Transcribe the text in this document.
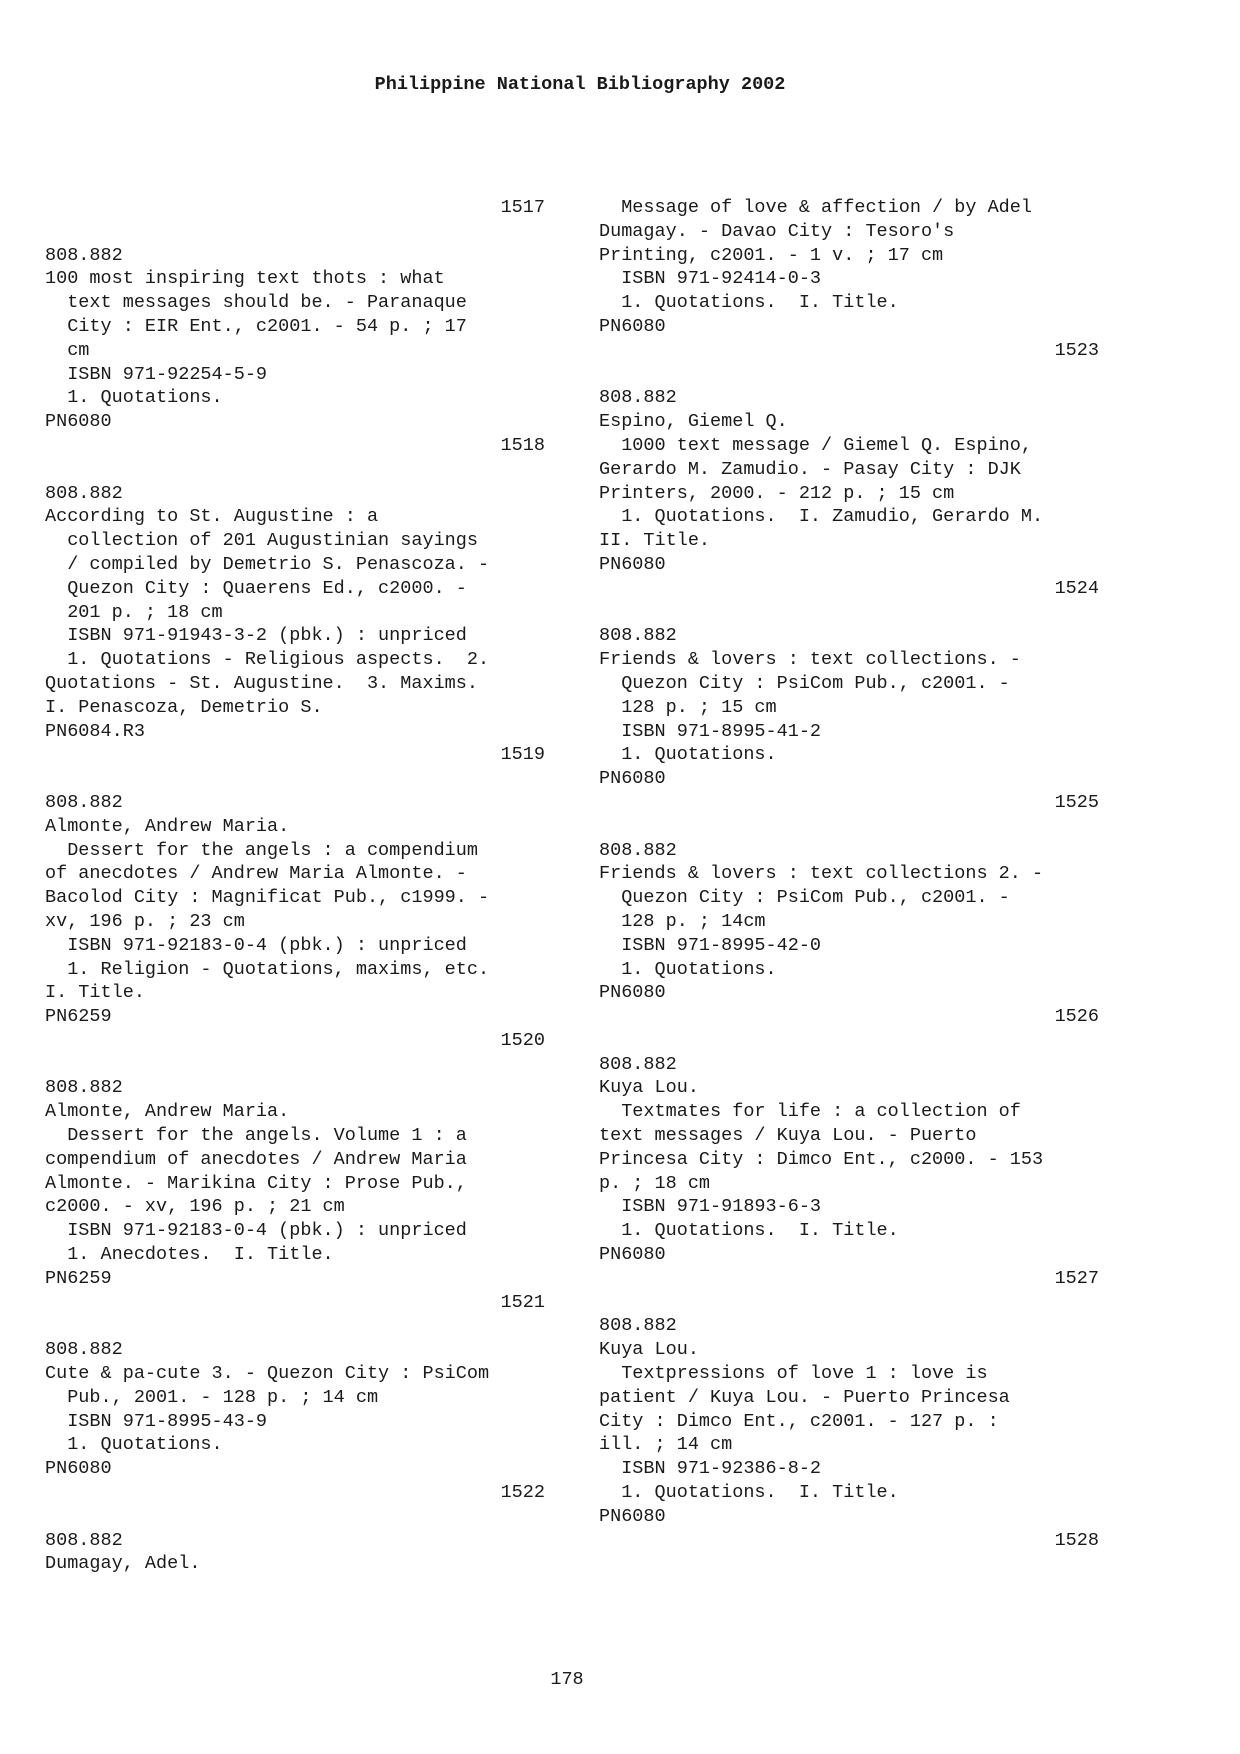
Philippine National Bibliography 2002
1517
808.882
100 most inspiring text thots : what
text messages should be. - Paranaque
City : EIR Ent., c2001. - 54 p. ; 17
cm
ISBN 971-92254-5-9
1. Quotations.
PN6080
1518
808.882
According to St. Augustine : a
collection of 201 Augustinian sayings
/ compiled by Demetrio S. Penascoza. -
Quezon City : Quaerens Ed., c2000. -
201 p. ; 18 cm
ISBN 971-91943-3-2 (pbk.) : unpriced
1. Quotations - Religious aspects.  2.
Quotations - St. Augustine.  3. Maxims.
I. Penascoza, Demetrio S.
PN6084.R3
1519
808.882
Almonte, Andrew Maria.
Dessert for the angels : a compendium
of anecdotes / Andrew Maria Almonte. -
Bacolod City : Magnificat Pub., c1999. -
xv, 196 p. ; 23 cm
ISBN 971-92183-0-4 (pbk.) : unpriced
1. Religion - Quotations, maxims, etc.
I. Title.
PN6259
1520
808.882
Almonte, Andrew Maria.
Dessert for the angels. Volume 1 : a
compendium of anecdotes / Andrew Maria
Almonte. - Marikina City : Prose Pub.,
c2000. - xv, 196 p. ; 21 cm
ISBN 971-92183-0-4 (pbk.) : unpriced
1. Anecdotes.  I. Title.
PN6259
1521
808.882
Cute & pa-cute 3. - Quezon City : PsiCom
Pub., 2001. - 128 p. ; 14 cm
ISBN 971-8995-43-9
1. Quotations.
PN6080
1522
808.882
Dumagay, Adel.
Message of love & affection / by Adel
Dumagay. - Davao City : Tesoro's
Printing, c2001. - 1 v. ; 17 cm
ISBN 971-92414-0-3
1. Quotations.  I. Title.
PN6080
1523
808.882
Espino, Giemel Q.
1000 text message / Giemel Q. Espino,
Gerardo M. Zamudio. - Pasay City : DJK
Printers, 2000. - 212 p. ; 15 cm
1. Quotations.  I. Zamudio, Gerardo M.
II. Title.
PN6080
1524
808.882
Friends & lovers : text collections. -
Quezon City : PsiCom Pub., c2001. -
128 p. ; 15 cm
ISBN 971-8995-41-2
1. Quotations.
PN6080
1525
808.882
Friends & lovers : text collections 2. -
Quezon City : PsiCom Pub., c2001. -
128 p. ; 14cm
ISBN 971-8995-42-0
1. Quotations.
PN6080
1526
808.882
Kuya Lou.
Textmates for life : a collection of
text messages / Kuya Lou. - Puerto
Princesa City : Dimco Ent., c2000. - 153
p. ; 18 cm
ISBN 971-91893-6-3
1. Quotations.  I. Title.
PN6080
1527
808.882
Kuya Lou.
Textpressions of love 1 : love is
patient / Kuya Lou. - Puerto Princesa
City : Dimco Ent., c2001. - 127 p. :
ill. ; 14 cm
ISBN 971-92386-8-2
1. Quotations.  I. Title.
PN6080
1528
178
